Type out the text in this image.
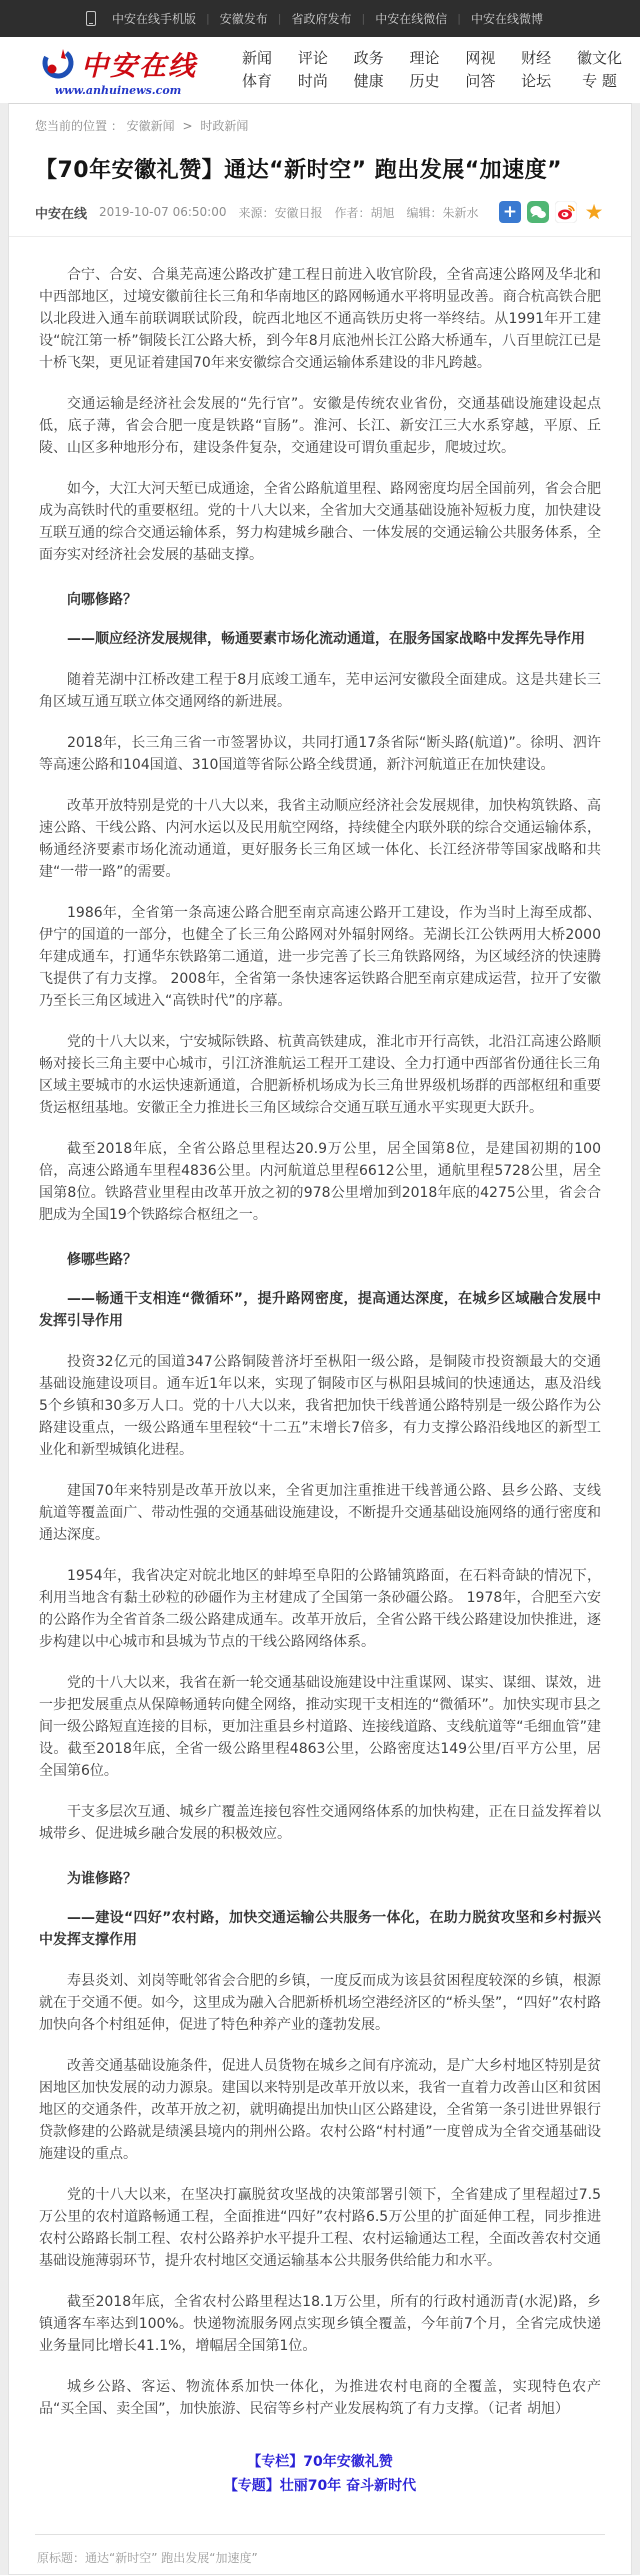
中安在线手机版 | 安徽发布 | 省政府发布 | 中安在线微信 | 中安在线微博
中安在线
www.anhuinews.com
新闻
体育
评论
时尚
政务
健康
理论
历史
网视
问答
财经
论坛
徽文化
专 题
您当前的位置 ： 安徽新闻 > 时政新闻
【70年安徽礼赞】通达“新时空” 跑出发展“加速度”
中安在线 2019-10-07 06:50:00 来源：安徽日报 作者：胡旭 编辑：朱新水
+
★
合宁、合安、合巢芜高速公路改扩建工程日前进入收官阶段，全省高速公路网及华北和中西部地区，过境安徽前往长三角和华南地区的路网畅通水平将明显改善。商合杭高铁合肥以北段进入通车前联调联试阶段，皖西北地区不通高铁历史将一举终结。从1991年开工建设“皖江第一桥”铜陵长江公路大桥，到今年8月底池州长江公路大桥通车，八百里皖江已是十桥飞架，更见证着建国70年来安徽综合交通运输体系建设的非凡跨越。
交通运输是经济社会发展的“先行官”。安徽是传统农业省份，交通基础设施建设起点低，底子薄，省会合肥一度是铁路“盲肠”。淮河、长江、新安江三大水系穿越，平原、丘陵、山区多种地形分布，建设条件复杂，交通建设可谓负重起步，爬坡过坎。
如今，大江大河天堑已成通途，全省公路航道里程、路网密度均居全国前列，省会合肥成为高铁时代的重要枢纽。党的十八大以来，全省加大交通基础设施补短板力度，加快建设互联互通的综合交通运输体系，努力构建城乡融合、一体发展的交通运输公共服务体系，全面夯实对经济社会发展的基础支撑。
向哪修路？
——顺应经济发展规律，畅通要素市场化流动通道，在服务国家战略中发挥先导作用
随着芜湖中江桥改建工程于8月底竣工通车，芜申运河安徽段全面建成。这是共建长三角区域互通互联立体交通网络的新进展。
2018年，长三角三省一市签署协议，共同打通17条省际“断头路(航道)”。徐明、泗许等高速公路和104国道、310国道等省际公路全线贯通，新汴河航道正在加快建设。
改革开放特别是党的十八大以来，我省主动顺应经济社会发展规律，加快构筑铁路、高速公路、干线公路、内河水运以及民用航空网络，持续健全内联外联的综合交通运输体系，畅通经济要素市场化流动通道，更好服务长三角区域一体化、长江经济带等国家战略和共建“一带一路”的需要。
1986年，全省第一条高速公路合肥至南京高速公路开工建设，作为当时上海至成都、伊宁的国道的一部分，也健全了长三角公路网对外辐射网络。芜湖长江公铁两用大桥2000年建成通车，打通华东铁路第二通道，进一步完善了长三角铁路网络，为区域经济的快速腾飞提供了有力支撑。 2008年，全省第一条快速客运铁路合肥至南京建成运营，拉开了安徽乃至长三角区域进入“高铁时代”的序幕。
党的十八大以来，宁安城际铁路、杭黄高铁建成，淮北市开行高铁，北沿江高速公路顺畅对接长三角主要中心城市，引江济淮航运工程开工建设、全力打通中西部省份通往长三角区域主要城市的水运快速新通道，合肥新桥机场成为长三角世界级机场群的西部枢纽和重要货运枢纽基地。安徽正全力推进长三角区域综合交通互联互通水平实现更大跃升。
截至2018年底，全省公路总里程达20.9万公里，居全国第8位，是建国初期的100倍，高速公路通车里程4836公里。内河航道总里程6612公里，通航里程5728公里，居全国第8位。铁路营业里程由改革开放之初的978公里增加到2018年底的4275公里，省会合肥成为全国19个铁路综合枢纽之一。
修哪些路？
——畅通干支相连“微循环”，提升路网密度，提高通达深度，在城乡区域融合发展中发挥引导作用
投资32亿元的国道347公路铜陵普济圩至枞阳一级公路，是铜陵市投资额最大的交通基础设施建设项目。通车近1年以来，实现了铜陵市区与枞阳县城间的快速通达，惠及沿线5个乡镇和30多万人口。党的十八大以来，我省把加快干线普通公路特别是一级公路作为公路建设重点，一级公路通车里程较“十二五”末增长7倍多，有力支撑公路沿线地区的新型工业化和新型城镇化进程。
建国70年来特别是改革开放以来，全省更加注重推进干线普通公路、县乡公路、支线航道等覆盖面广、带动性强的交通基础设施建设，不断提升交通基础设施网络的通行密度和通达深度。
1954年，我省决定对皖北地区的蚌埠至阜阳的公路铺筑路面，在石料奇缺的情况下，利用当地含有黏土砂粒的砂礓作为主材建成了全国第一条砂礓公路。 1978年，合肥至六安的公路作为全省首条二级公路建成通车。改革开放后，全省公路干线公路建设加快推进，逐步构建以中心城市和县城为节点的干线公路网络体系。
党的十八大以来，我省在新一轮交通基础设施建设中注重谋网、谋实、谋细、谋效，进一步把发展重点从保障畅通转向健全网络，推动实现干支相连的“微循环”。加快实现市县之间一级公路短直连接的目标，更加注重县乡村道路、连接线道路、支线航道等“毛细血管”建设。截至2018年底，全省一级公路里程4863公里，公路密度达149公里/百平方公里，居全国第6位。
干支多层次互通、城乡广覆盖连接包容性交通网络体系的加快构建，正在日益发挥着以城带乡、促进城乡融合发展的积极效应。
为谁修路？
——建设“四好”农村路，加快交通运输公共服务一体化，在助力脱贫攻坚和乡村振兴中发挥支撑作用
寿县炎刘、刘岗等毗邻省会合肥的乡镇，一度反而成为该县贫困程度较深的乡镇，根源就在于交通不便。如今，这里成为融入合肥新桥机场空港经济区的“桥头堡”，“四好”农村路加快向各个村组延伸，促进了特色种养产业的蓬勃发展。
改善交通基础设施条件，促进人员货物在城乡之间有序流动，是广大乡村地区特别是贫困地区加快发展的动力源泉。建国以来特别是改革开放以来，我省一直着力改善山区和贫困地区的交通条件，改革开放之初，就明确提出加快山区公路建设，全省第一条引进世界银行贷款修建的公路就是绩溪县境内的荆州公路。农村公路“村村通”一度曾成为全省交通基础设施建设的重点。
党的十八大以来，在坚决打赢脱贫攻坚战的决策部署引领下，全省建成了里程超过7.5万公里的农村道路畅通工程，全面推进“四好”农村路6.5万公里的扩面延伸工程，同步推进农村公路路长制工程、农村公路养护水平提升工程、农村运输通达工程，全面改善农村交通基础设施薄弱环节，提升农村地区交通运输基本公共服务供给能力和水平。
截至2018年底，全省农村公路里程达18.1万公里，所有的行政村通沥青(水泥)路，乡镇通客车率达到100%。快递物流服务网点实现乡镇全覆盖，今年前7个月，全省完成快递业务量同比增长41.1%，增幅居全国第1位。
城乡公路、客运、物流体系加快一体化，为推进农村电商的全覆盖，实现特色农产品“买全国、卖全国”，加快旅游、民宿等乡村产业发展构筑了有力支撑。（记者 胡旭）
【专栏】70年安徽礼赞
【专题】壮丽70年 奋斗新时代
原标题：通达“新时空” 跑出发展“加速度”
